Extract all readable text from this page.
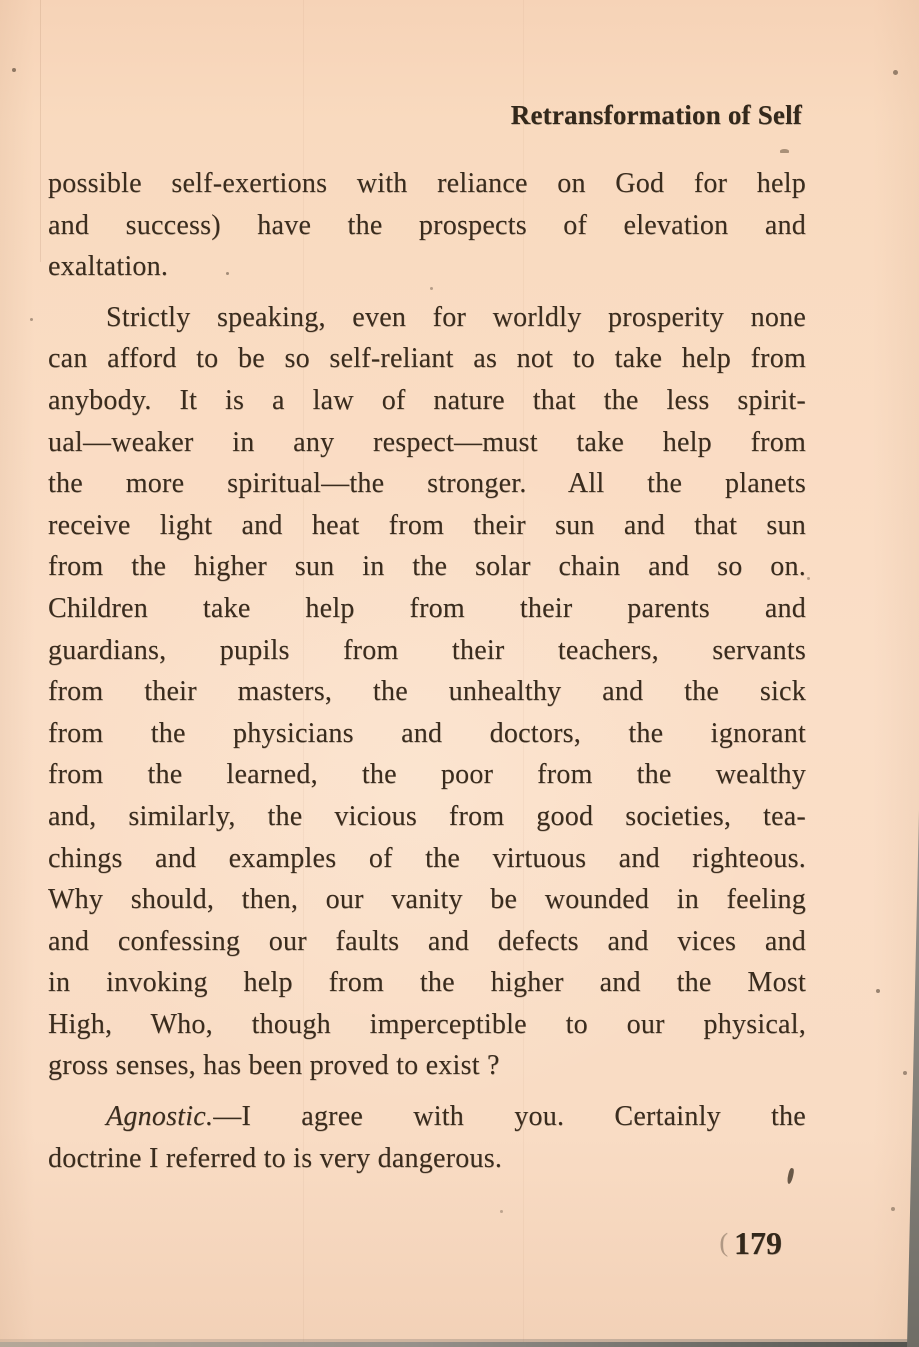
Retransformation of Self
possible self-exertions with reliance on God for help
and success) have the prospects of elevation and
exaltation.
Strictly speaking, even for worldly prosperity none
can afford to be so self-reliant as not to take help from
anybody. It is a law of nature that the less spirit-
ual—weaker in any respect—must take help from
the more spiritual—the stronger. All the planets
receive light and heat from their sun and that sun
from the higher sun in the solar chain and so on.
Children take help from their parents and
guardians, pupils from their teachers, servants
from their masters, the unhealthy and the sick
from the physicians and doctors, the ignorant
from the learned, the poor from the wealthy
and, similarly, the vicious from good societies, tea-
chings and examples of the virtuous and righteous.
Why should, then, our vanity be wounded in feeling
and confessing our faults and defects and vices and
in invoking help from the higher and the Most
High, Who, though imperceptible to our physical,
gross senses, has been proved to exist ?
Agnostic.—I agree with you. Certainly the
doctrine I referred to is very dangerous.
( 179
